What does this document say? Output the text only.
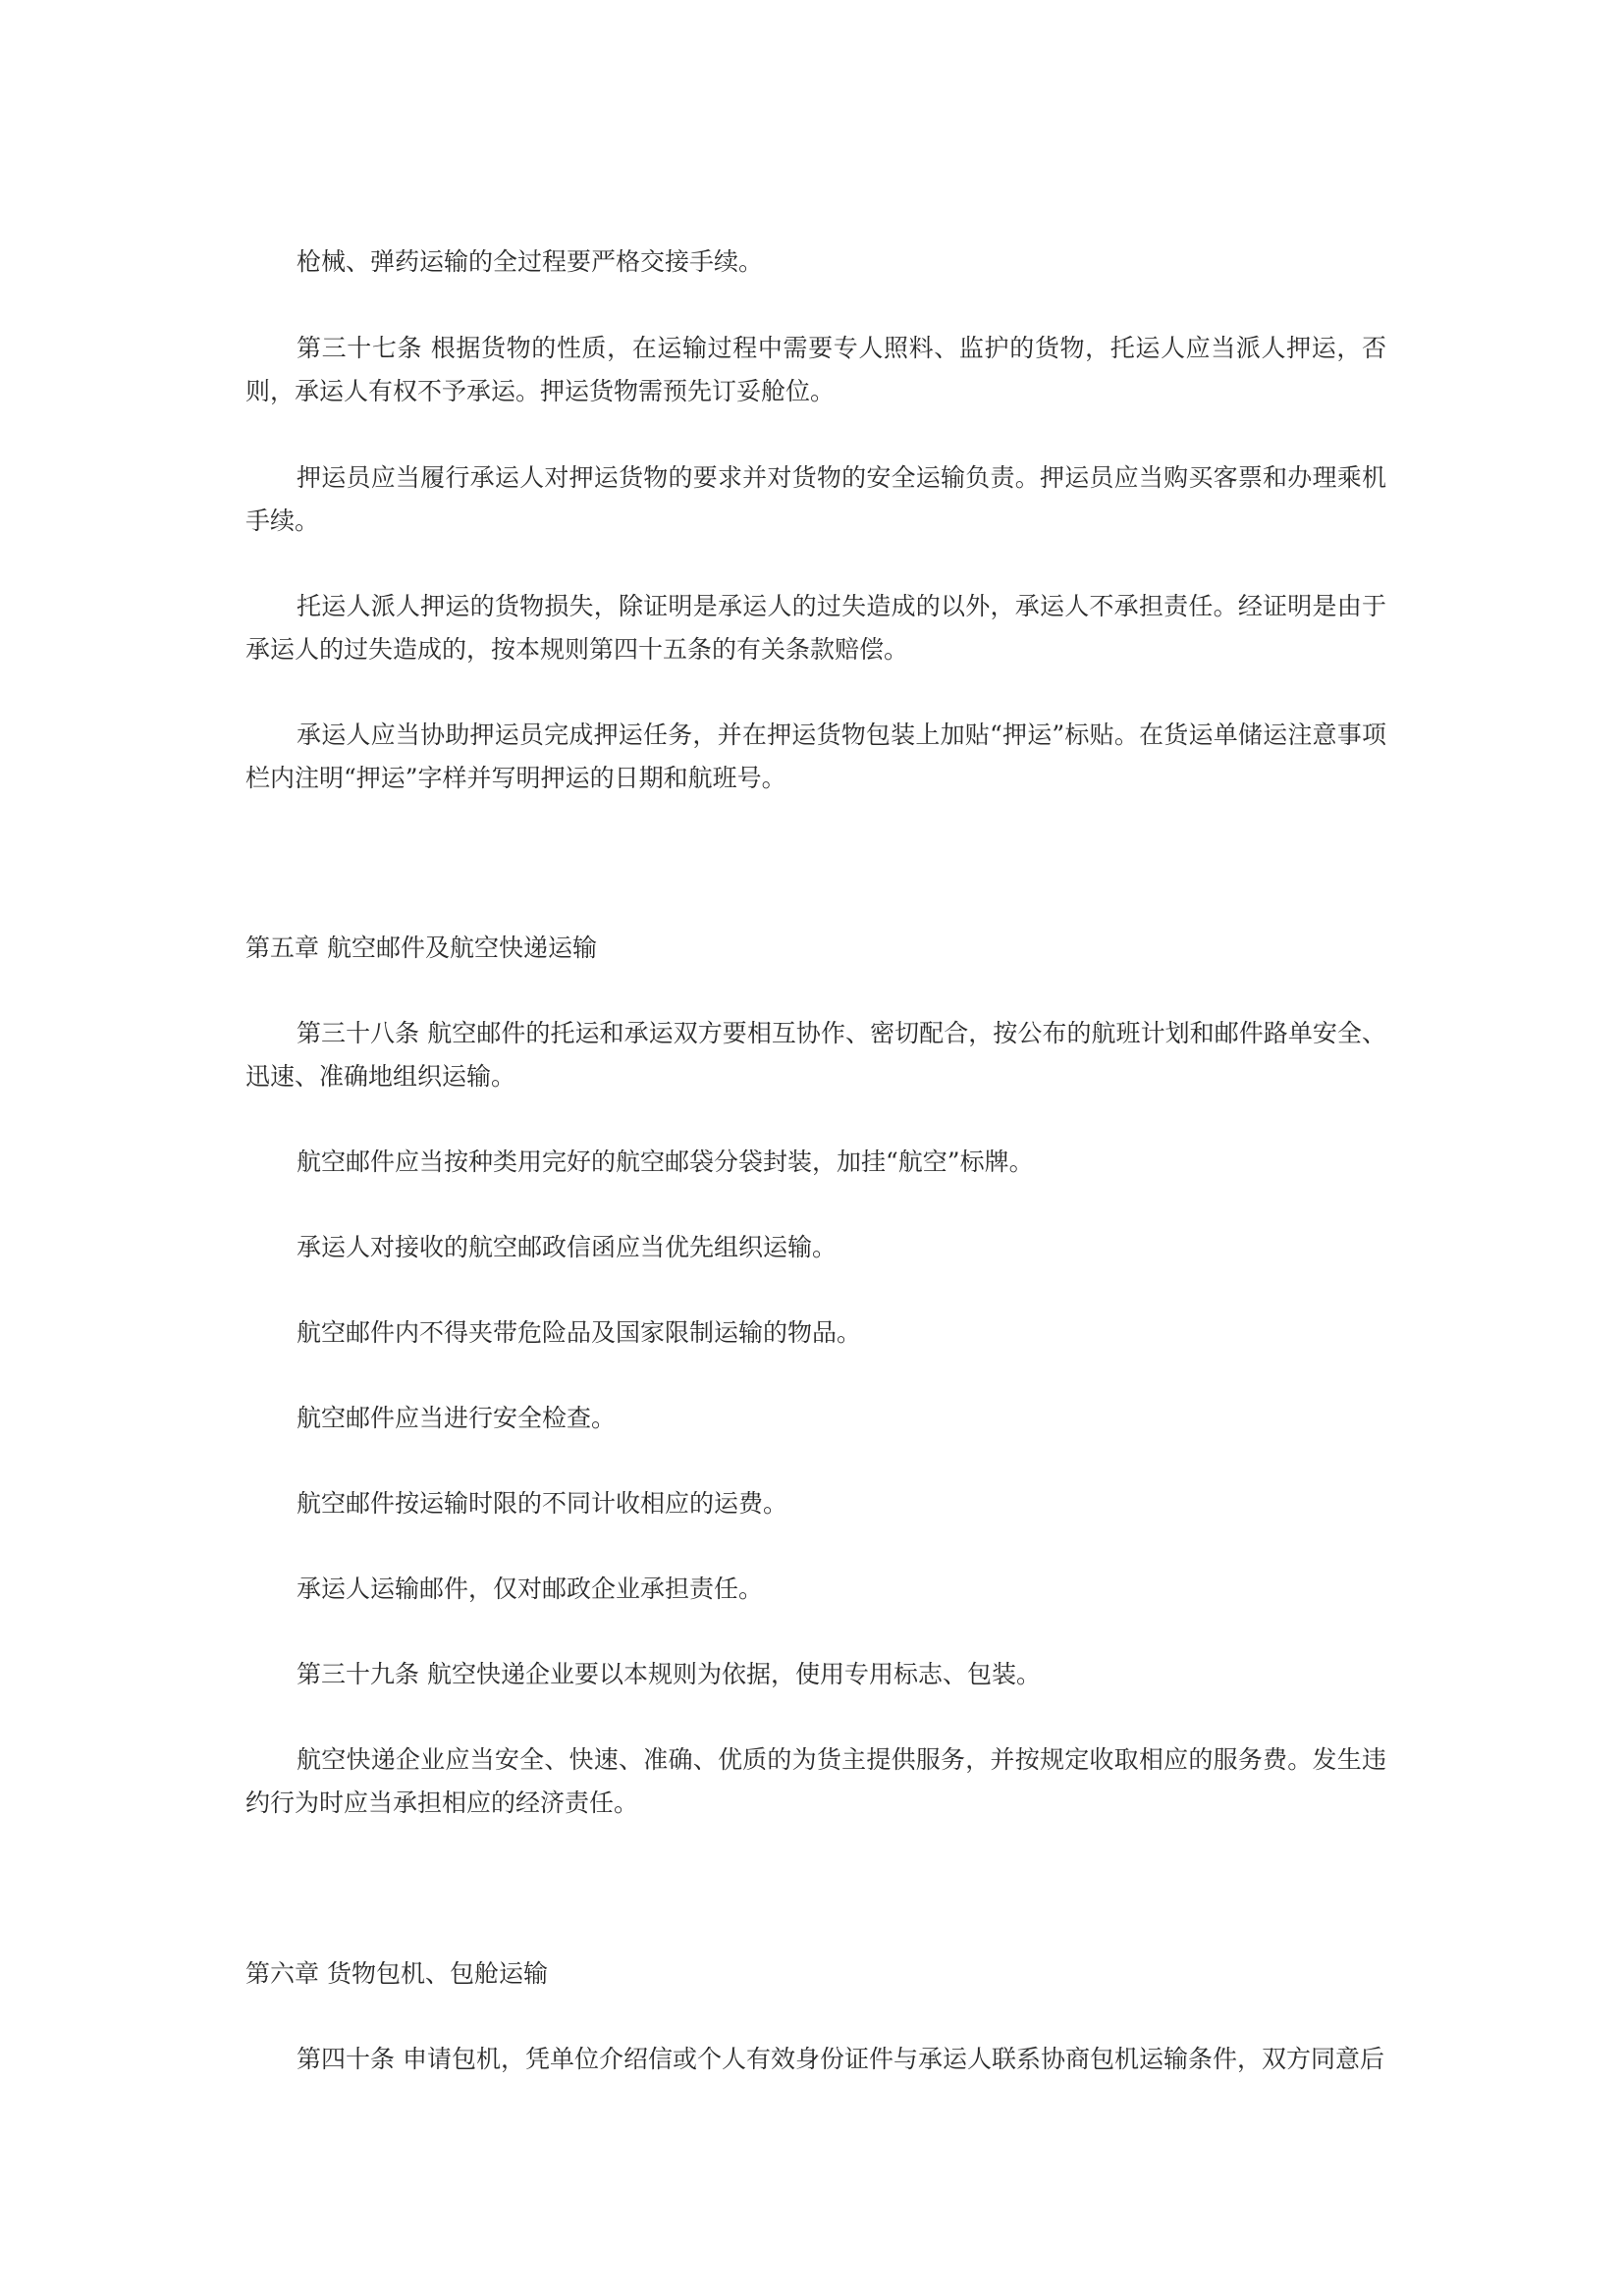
枪械、弹药运输的全过程要严格交接手续。

第三十七条 根据货物的性质，在运输过程中需要专人照料、监护的货物，托运人应当派人押运，否则，承运人有权不予承运。押运货物需预先订妥舱位。

押运员应当履行承运人对押运货物的要求并对货物的安全运输负责。押运员应当购买客票和办理乘机手续。

托运人派人押运的货物损失，除证明是承运人的过失造成的以外，承运人不承担责任。经证明是由于承运人的过失造成的，按本规则第四十五条的有关条款赔偿。

承运人应当协助押运员完成押运任务，并在押运货物包装上加贴“押运”标贴。在货运单储运注意事项栏内注明“押运”字样并写明押运的日期和航班号。

第五章 航空邮件及航空快递运输

第三十八条 航空邮件的托运和承运双方要相互协作、密切配合，按公布的航班计划和邮件路单安全、迅速、准确地组织运输。

航空邮件应当按种类用完好的航空邮袋分袋封装，加挂“航空”标牌。

承运人对接收的航空邮政信函应当优先组织运输。

航空邮件内不得夹带危险品及国家限制运输的物品。

航空邮件应当进行安全检查。

航空邮件按运输时限的不同计收相应的运费。

承运人运输邮件，仅对邮政企业承担责任。

第三十九条 航空快递企业要以本规则为依据，使用专用标志、包装。

航空快递企业应当安全、快速、准确、优质的为货主提供服务，并按规定收取相应的服务费。发生违约行为时应当承担相应的经济责任。

第六章 货物包机、包舱运输

第四十条 申请包机，凭单位介绍信或个人有效身份证件与承运人联系协商包机运输条件，双方同意后
